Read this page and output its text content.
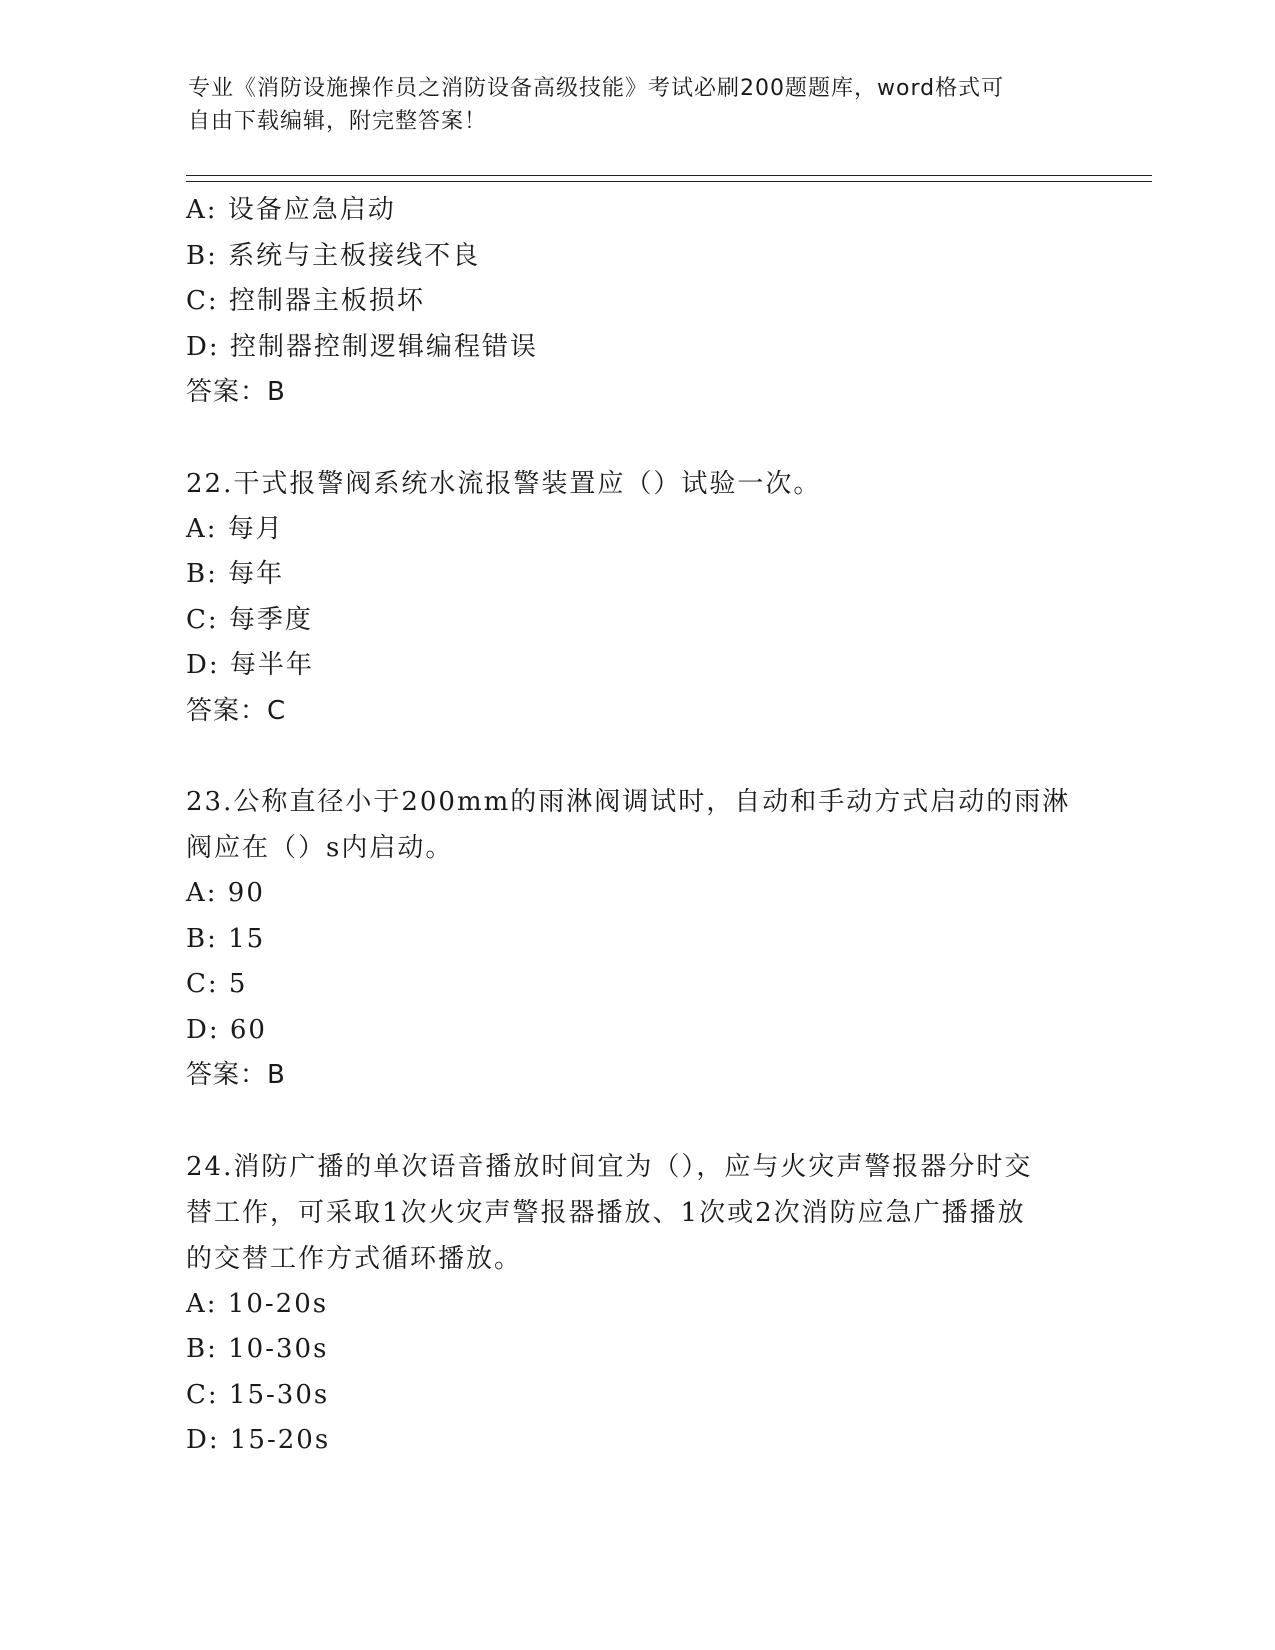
专业《消防设施操作员之消防设备高级技能》考试必刷200题题库，word格式可
自由下载编辑，附完整答案！
A: 设备应急启动
B: 系统与主板接线不良
C: 控制器主板损坏
D: 控制器控制逻辑编程错误
答案：B
22.干式报警阀系统水流报警装置应（）试验一次。
A: 每月
B: 每年
C: 每季度
D: 每半年
答案：C
23.公称直径小于200mm的雨淋阀调试时，自动和手动方式启动的雨淋
阀应在（）s内启动。
A: 90
B: 15
C: 5
D: 60
答案：B
24.消防广播的单次语音播放时间宜为（），应与火灾声警报器分时交
替工作，可采取1次火灾声警报器播放、1次或2次消防应急广播播放
的交替工作方式循环播放。
A: 10-20s
B: 10-30s
C: 15-30s
D: 15-20s
